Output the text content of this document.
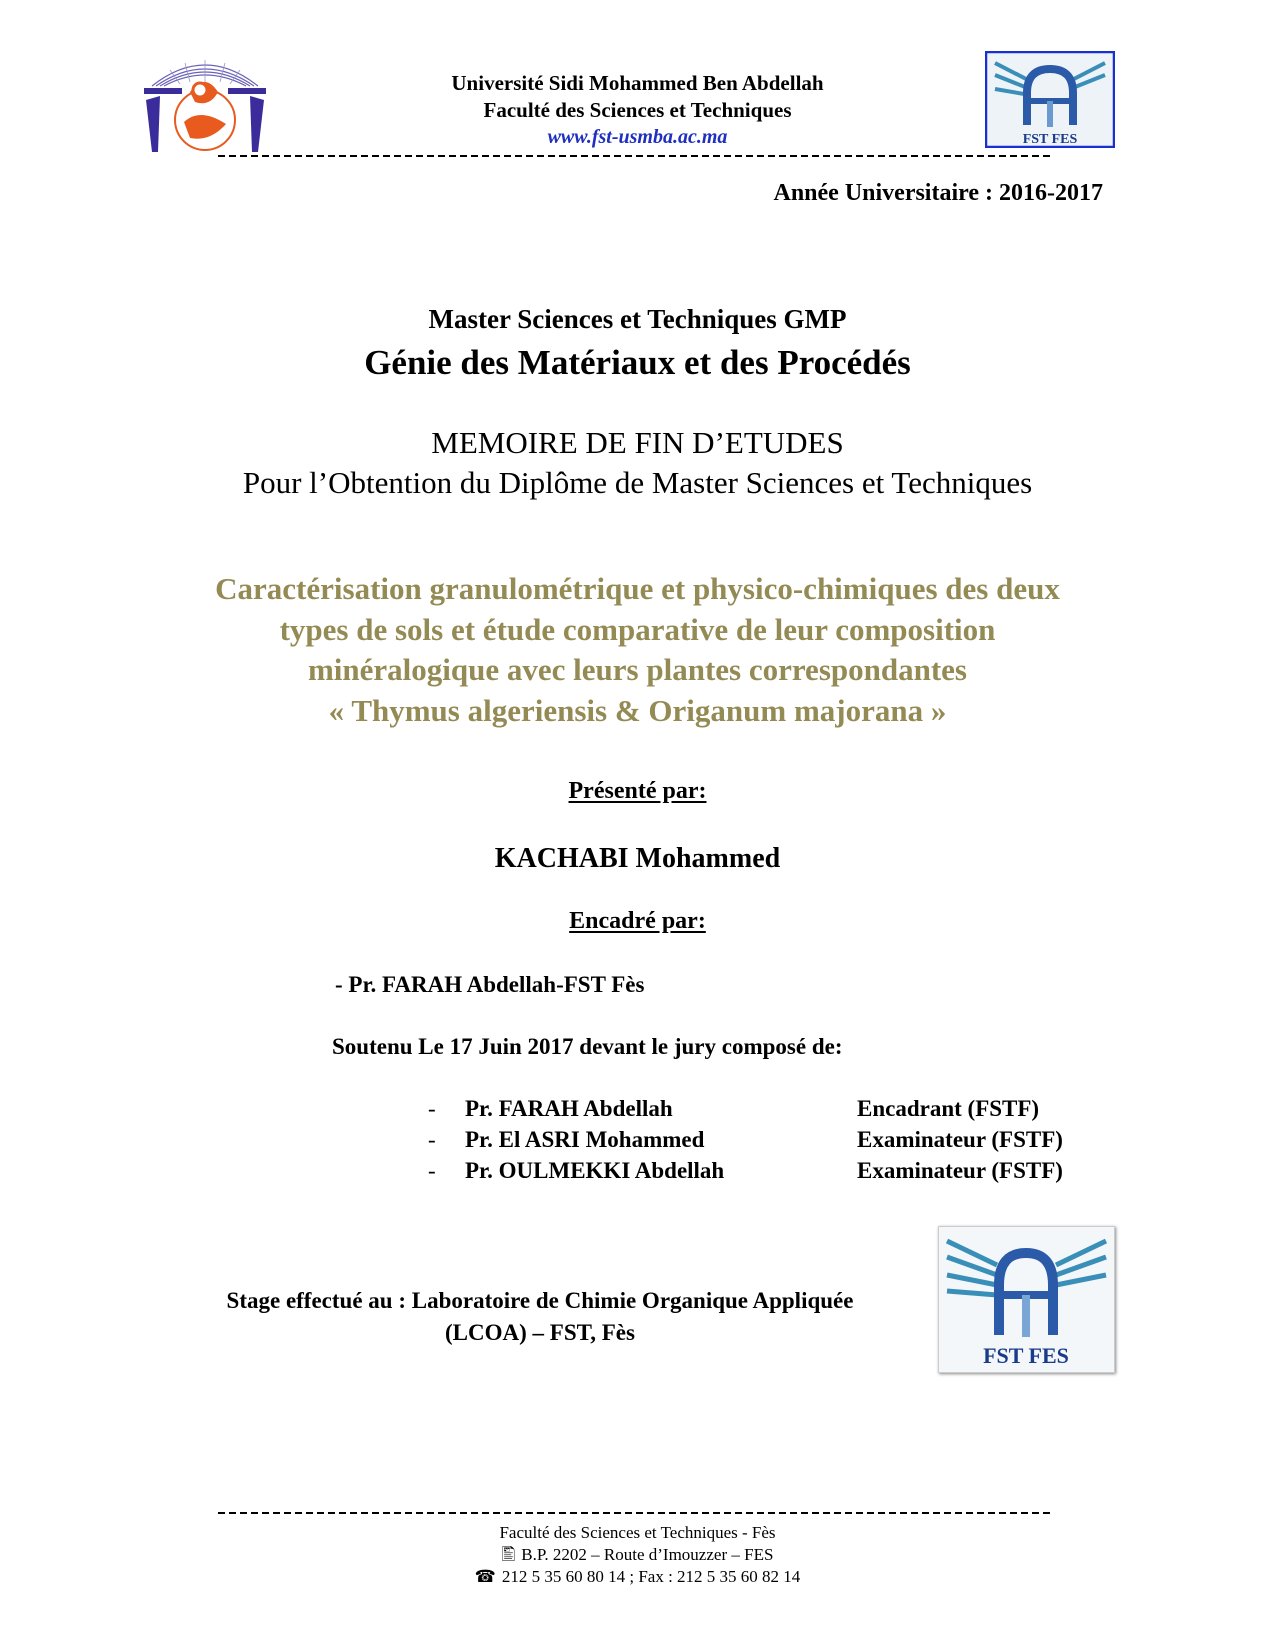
Université Sidi Mohammed Ben Abdellah
Faculté des Sciences et Techniques
www.fst-usmba.ac.ma	FST FES
Année Universitaire : 2016-2017
Master Sciences et Techniques GMP
Génie des Matériaux et des Procédés
MEMOIRE DE FIN D’ETUDES
Pour l’Obtention du Diplôme de Master Sciences et Techniques
Caractérisation granulométrique et physico-chimiques des deux
types de sols et étude comparative de leur composition
minéralogique avec leurs plantes correspondantes
« Thymus algeriensis & Origanum majorana »
Présenté par:
KACHABI Mohammed
Encadré par:
- Pr. FARAH Abdellah-FST Fès
Soutenu Le 17 Juin 2017 devant le jury composé de:
-	Pr. FARAH Abdellah	Encadrant (FSTF)
-	Pr. El ASRI Mohammed	Examinateur (FSTF)
-	Pr. OULMEKKI Abdellah	Examinateur (FSTF)
Stage effectué au : Laboratoire de Chimie Organique Appliquée
(LCOA) – FST, Fès
FST FES
Faculté des Sciences et Techniques - Fès
🖺 B.P. 2202 – Route d’Imouzzer – FES
☎ 212 5 35 60 80 14 ; Fax : 212 5 35 60 82 14
